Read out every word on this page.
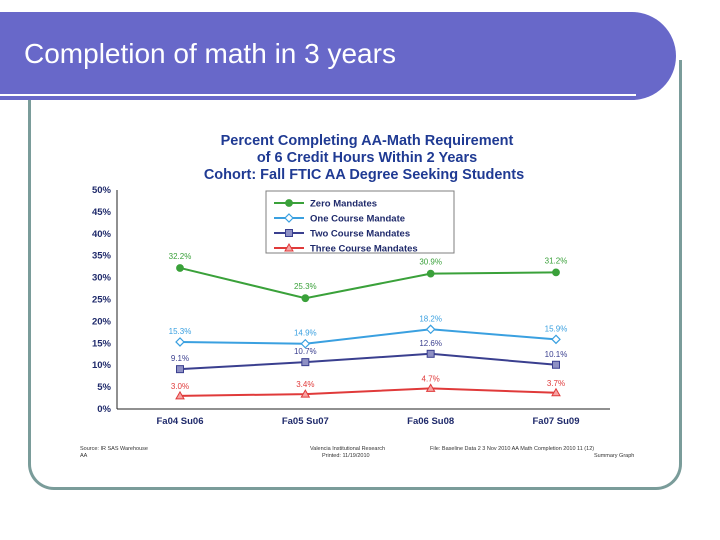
Completion of math in 3 years
Percent Completing AA-Math Requirement
of 6 Credit Hours Within 2 Years
Cohort: Fall FTIC AA Degree Seeking Students
0%
5%
10%
15%
20%
25%
30%
35%
40%
45%
50%
Fa04 Su06	Fa05 Su07	Fa06 Su08	Fa07 Su09
32.2%
25.3%
30.9%	31.2%
15.3%	14.9%
18.2%
15.9%
9.1%
10.7%
12.6%
10.1%
3.0%	3.4%
4.7%	3.7%
Zero Mandates
One Course Mandate
Two Course Mandates
Three Course Mandates
Source: IR SAS Warehouse
AA
Valencia Institutional Research
Printed: 11/19/2010
File: Baseline Data 2 3 Nov 2010 AA Math Completion 2010 11 (12)
Summary Graph
